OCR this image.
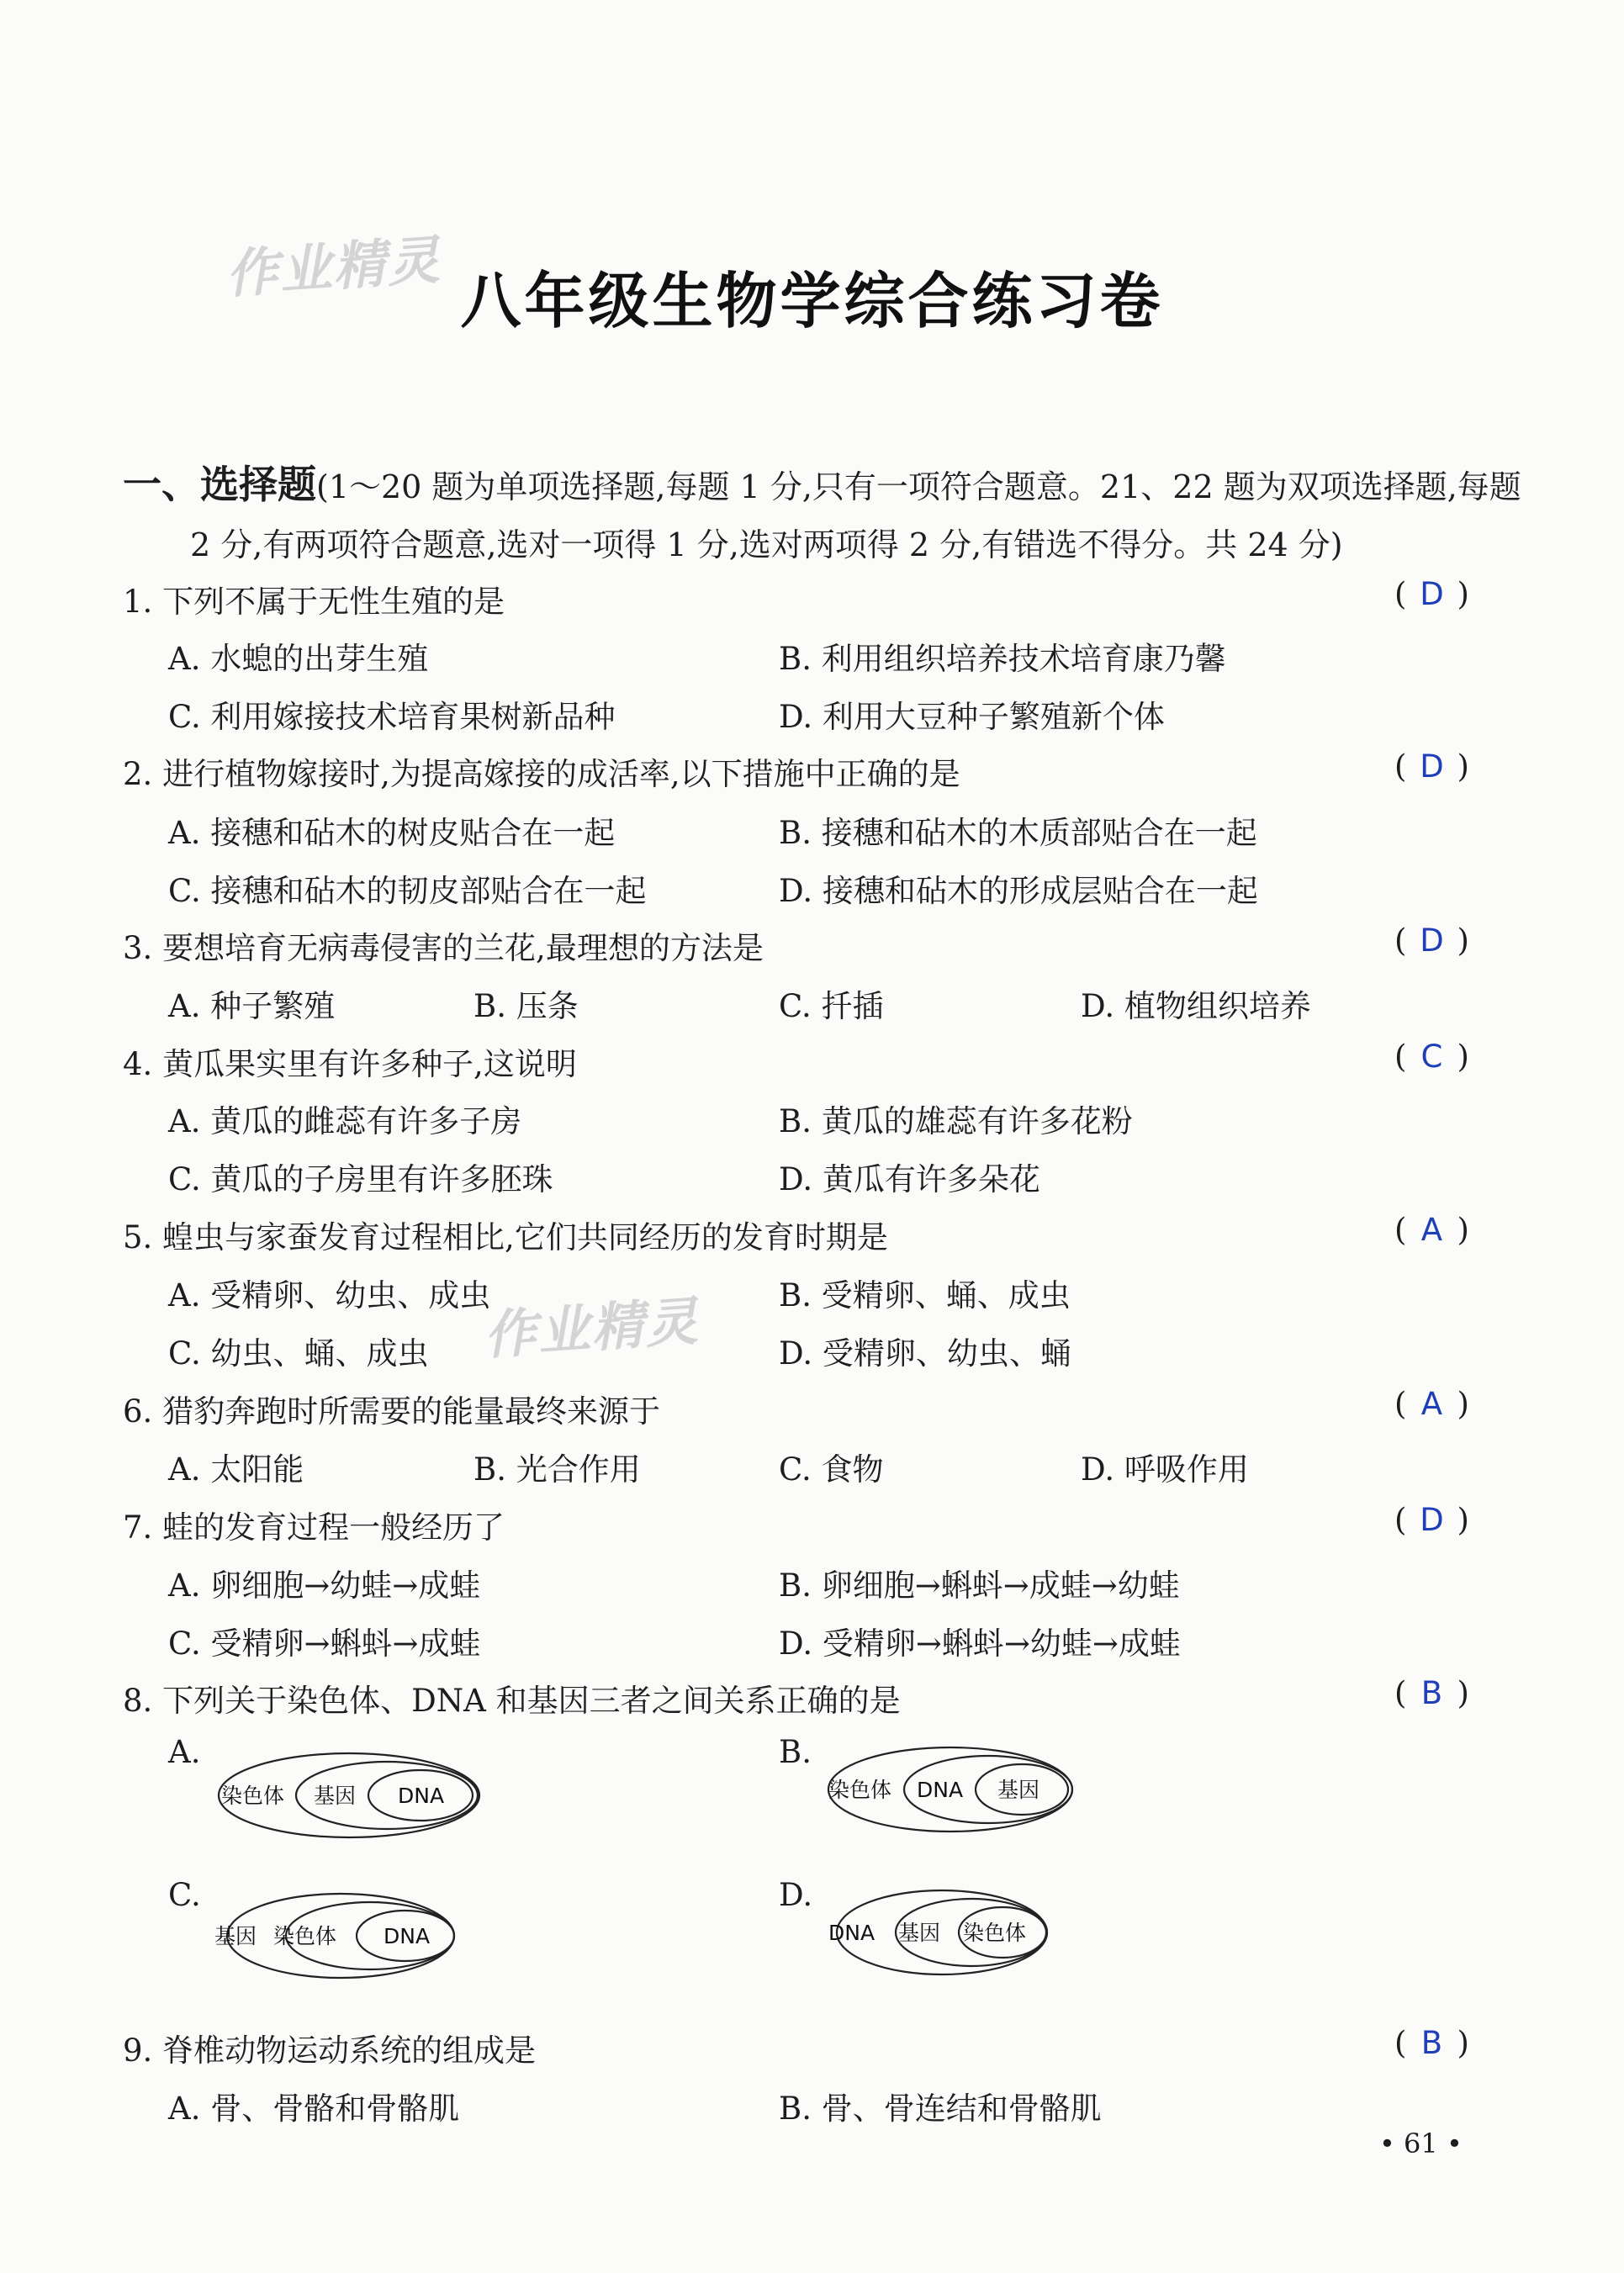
作业精灵
作业精灵
八年级生物学综合练习卷
一、选择题(1～20 题为单项选择题,每题 1 分,只有一项符合题意。21、22 题为双项选择题,每题
2 分,有两项符合题意,选对一项得 1 分,选对两项得 2 分,有错选不得分。共 24 分)
1. 下列不属于无性生殖的是	( D )
A. 水螅的出芽生殖	B. 利用组织培养技术培育康乃馨
C. 利用嫁接技术培育果树新品种	D. 利用大豆种子繁殖新个体
2. 进行植物嫁接时,为提高嫁接的成活率,以下措施中正确的是	( D )
A. 接穗和砧木的树皮贴合在一起	B. 接穗和砧木的木质部贴合在一起
C. 接穗和砧木的韧皮部贴合在一起	D. 接穗和砧木的形成层贴合在一起
3. 要想培育无病毒侵害的兰花,最理想的方法是	( D )
A. 种子繁殖	B. 压条	C. 扦插	D. 植物组织培养
4. 黄瓜果实里有许多种子,这说明	( C )
A. 黄瓜的雌蕊有许多子房	B. 黄瓜的雄蕊有许多花粉
C. 黄瓜的子房里有许多胚珠	D. 黄瓜有许多朵花
5. 蝗虫与家蚕发育过程相比,它们共同经历的发育时期是	( A )
A. 受精卵、幼虫、成虫	B. 受精卵、蛹、成虫
C. 幼虫、蛹、成虫	D. 受精卵、幼虫、蛹
6. 猎豹奔跑时所需要的能量最终来源于	( A )
A. 太阳能	B. 光合作用	C. 食物	D. 呼吸作用
7. 蛙的发育过程一般经历了	( D )
A. 卵细胞→幼蛙→成蛙	B. 卵细胞→蝌蚪→成蛙→幼蛙
C. 受精卵→蝌蚪→成蛙	D. 受精卵→蝌蚪→幼蛙→成蛙
8. 下列关于染色体、DNA 和基因三者之间关系正确的是	( B )
A.	B.
C.	D.
染色体 基因 DNA	染色体 DNA 基因
基因 染色体 DNA	DNA 基因 染色体
9. 脊椎动物运动系统的组成是	( B )
A. 骨、骨骼和骨骼肌	B. 骨、骨连结和骨骼肌
• 61 •
